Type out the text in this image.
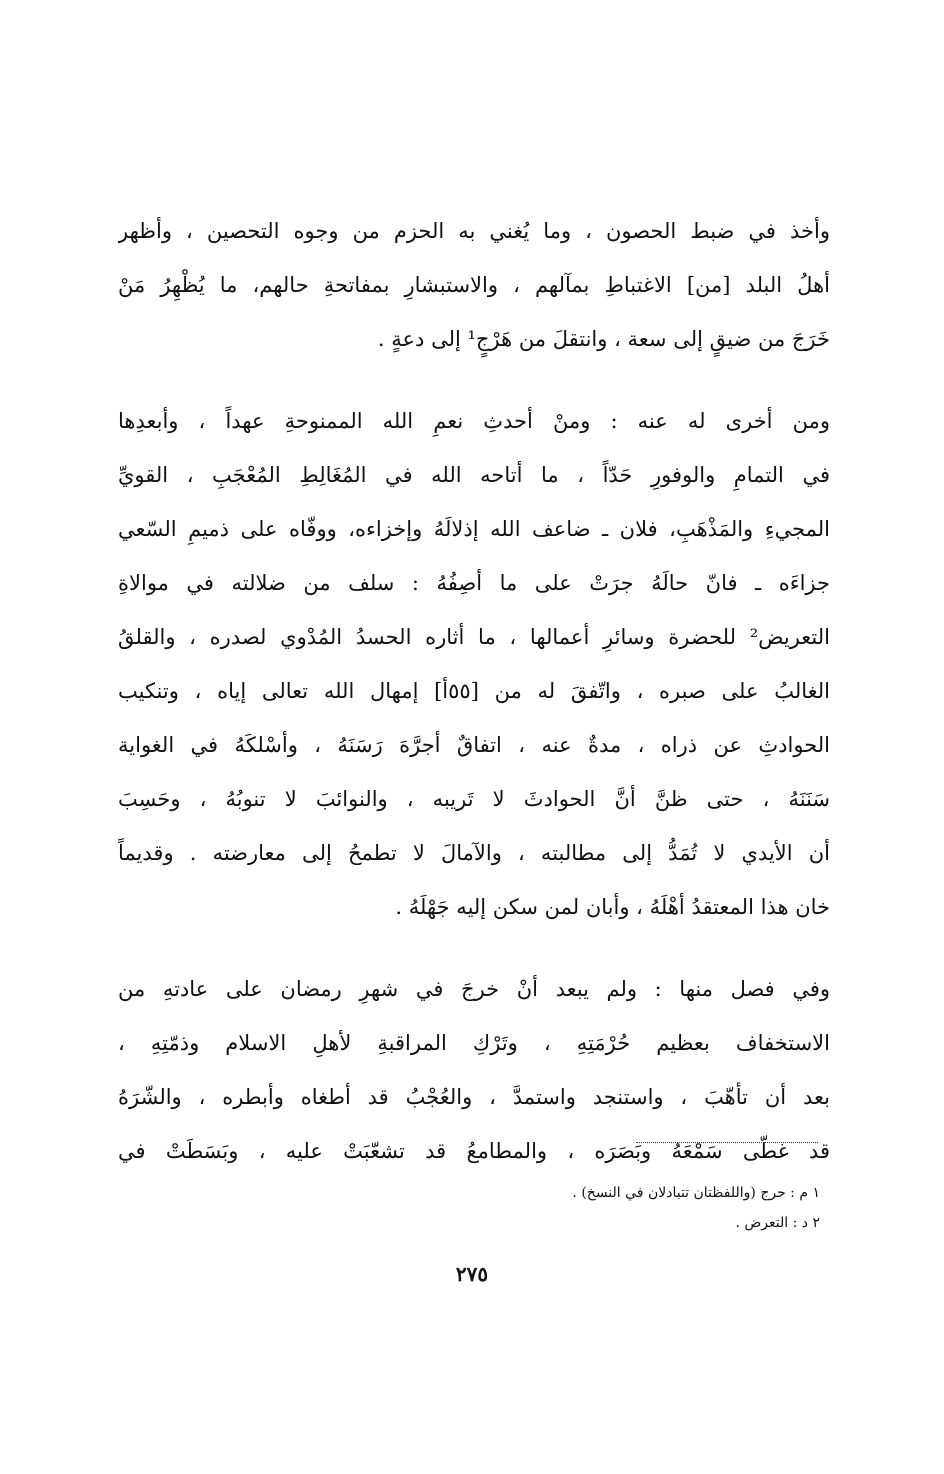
وأخذ في ضبط الحصون ، وما يُغني به الحزم من وجوه التحصين ، وأظهر
أهلُ البلد [من] الاغتباطِ بمآلهم ، والاستبشارِ بمفاتحةِ حالهم، ما يُظْهِرُ مَنْ
خَرَجَ من ضيقٍ إلى سعة ، وانتقلَ من هَرْجٍ¹ إلى دعةٍ .

ومن أخرى له عنه : ومنْ أحدثِ نعمِ الله الممنوحةِ عهداً ، وأبعدِها
في التمامِ والوفورِ حَدّاً ، ما أتاحه الله في المُغَالِطِ المُعْجَبِ ، القويِّ
المجيءِ والمَذْهَبِ، فلان ـ ضاعف الله إذلالَهُ وإخزاءه، ووفّاه على ذميمِ السّعي
جزاءَه ـ فانّ حالَهُ جرَتْ على ما أصِفُهُ : سلف من ضلالته في موالاةِ
التعريض² للحضرة وسائرِ أعمالها ، ما أثاره الحسدُ المُدْوي لصدره ، والقلقُ
الغالبُ على صبره ، واتّفقَ له من [٥٥أ] إمهال الله تعالى إياه ، وتنكيب
الحوادثِ عن ذراه ، مدةٌ عنه ، اتفاقٌ أجرَّهَ رَسَنَهُ ، وأسْلكَهُ في الغواية
سَنَنَهُ ، حتى ظنَّ أنَّ الحوادثَ لا تَريبه ، والنوائبَ لا تنوبُهُ ، وحَسِبَ
أن الأيدي لا تُمَدُّ إلى مطالبته ، والآمالَ لا تطمحُ إلى معارضته . وقديماً
خان هذا المعتقدُ أهْلَهُ ، وأبان لمن سكن إليه جَهْلَهُ .

وفي فصل منها : ولم يبعد أنْ خرجَ في شهرِ رمضان على عادتهِ من
الاستخفاف بعظيم حُرْمَتِهِ ، وتَرْكِ المراقبةِ لأهلِ الاسلام وذمّتِهِ ،
بعد أن تأهّبَ ، واستنجد واستمدَّ ، والعُجْبُ قد أطغاه وأبطره ، والشّرَهُ
قد غطّى سَمْعَهُ وبَصَرَه ، والمطامعُ قد تشعّبَتْ عليه ، وبَسَطَتْ في

١ م : حرج (واللفظتان تتبادلان في النسخ) .
٢ د : التعرض .
٢٧٥
